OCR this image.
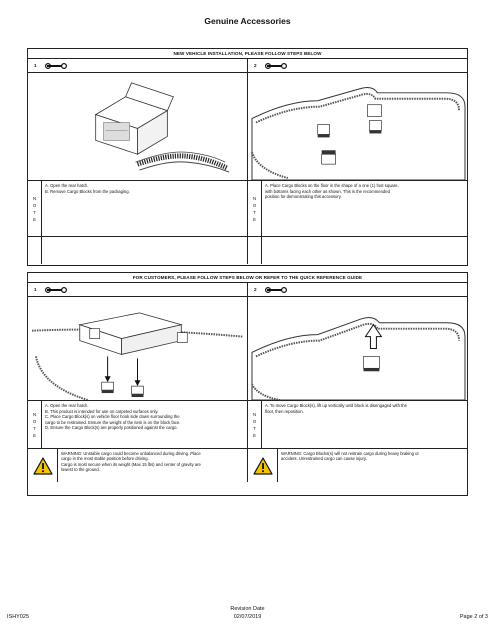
Genuine Accessories
NEW VEHICLE INSTALLATION, PLEASE FOLLOW STEPS BELOW
1	2
N
O
T
E
A. Open the rear hatch.
B. Remove Cargo Blocks from the packaging.
N
O
T
E
A. Place Cargo Blocks on the floor in the shape of a one (1) foot square,
with bottoms facing each other as shown. This is the recommended
position for demonstrating this accessory.
FOR CUSTOMERS, PLEASE FOLLOW STEPS BELOW OR REFER TO THE QUICK REFERENCE GUIDE
1	2
N
O
T
E
A. Open the rear hatch.
B. This product is intended for use on carpeted surfaces only.
C. Place Cargo Block(s) on vehicle floor hook side down surrounding the
cargo to be restrained. Ensure the weight of the item is on the block face.
D. Ensure the Cargo Block(s) are properly positioned against the cargo.
N
O
T
E
A. To move Cargo Block(s), lift up vertically until block is disengaged with the
floor, then reposition.
WARNING: Unstable cargo could become unbalanced during driving. Place
cargo in the most stable position before driving.
Cargo is most secure when its weight (Max 15 lbs) and center of gravity are
lowest to the ground.
WARNING: Cargo Blocks(s) will not restrain cargo during heavy braking or
accident. Unrestrained cargo can cause injury.
ISHY025
Revision Date
02/07/2019	Page 2 of 3
